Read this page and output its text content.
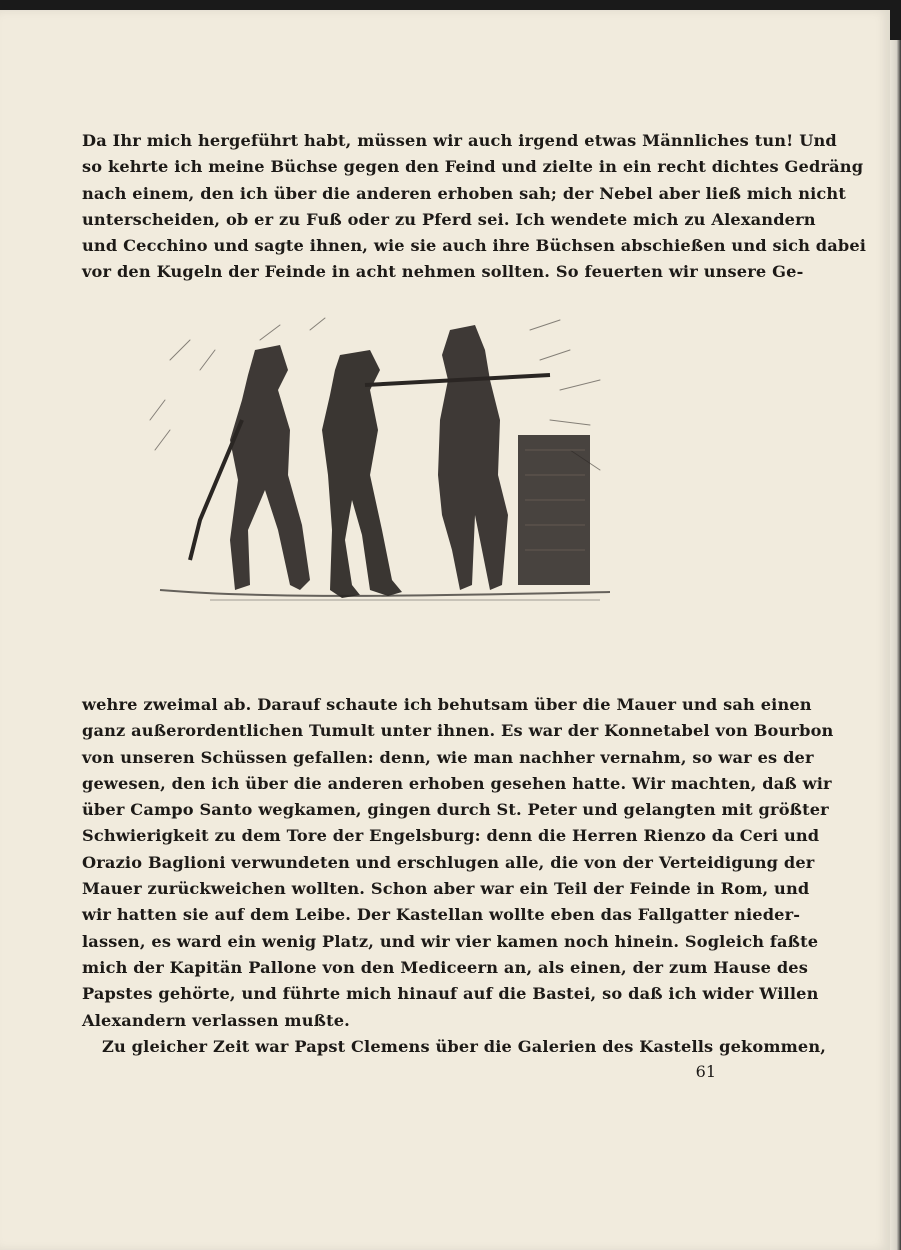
Da Ihr mich hergeführt habt, müssen wir auch irgend etwas Männliches tun! Und
so kehrte ich meine Büchse gegen den Feind und zielte in ein recht dichtes Gedräng
nach einem, den ich über die anderen erhoben sah; der Nebel aber ließ mich nicht
unterscheiden, ob er zu Fuß oder zu Pferd sei. Ich wendete mich zu Alexandern
und Cecchino und sagte ihnen, wie sie auch ihre Büchsen abschießen und sich dabei
vor den Kugeln der Feinde in acht nehmen sollten. So feuerten wir unsere Ge-
wehre zweimal ab. Darauf schaute ich behutsam über die Mauer und sah einen
ganz außerordentlichen Tumult unter ihnen. Es war der Konnetabel von Bourbon
von unseren Schüssen gefallen: denn, wie man nachher vernahm, so war es der
gewesen, den ich über die anderen erhoben gesehen hatte. Wir machten, daß wir
über Campo Santo wegkamen, gingen durch St. Peter und gelangten mit größter
Schwierigkeit zu dem Tore der Engelsburg: denn die Herren Rienzo da Ceri und
Orazio Baglioni verwundeten und erschlugen alle, die von der Verteidigung der
Mauer zurückweichen wollten. Schon aber war ein Teil der Feinde in Rom, und
wir hatten sie auf dem Leibe. Der Kastellan wollte eben das Fallgatter nieder-
lassen, es ward ein wenig Platz, und wir vier kamen noch hinein. Sogleich faßte
mich der Kapitän Pallone von den Mediceern an, als einen, der zum Hause des
Papstes gehörte, und führte mich hinauf auf die Bastei, so daß ich wider Willen
Alexandern verlassen mußte.
Zu gleicher Zeit war Papst Clemens über die Galerien des Kastells gekommen,
61
